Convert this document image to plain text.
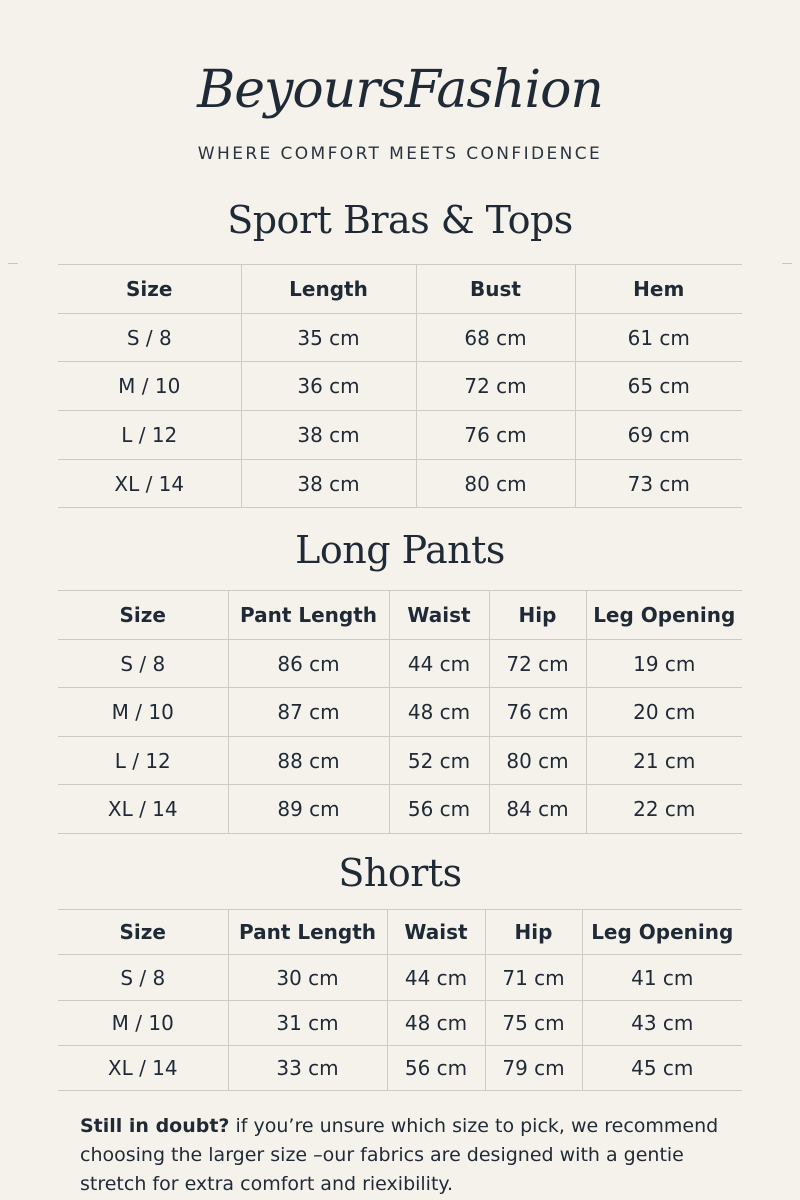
BeyoursFashion
WHERE COMFORT MEETS CONFIDENCE
Sport Bras & Tops
Size	Length	Bust	Hem
S / 8	35 cm	68 cm	61 cm
M / 10	36 cm	72 cm	65 cm
L / 12	38 cm	76 cm	69 cm
XL / 14	38 cm	80 cm	73 cm
Long Pants
Size	Pant Length	Waist	Hip	Leg Opening
S / 8	86 cm	44 cm	72 cm	19 cm
M / 10	87 cm	48 cm	76 cm	20 cm
L / 12	88 cm	52 cm	80 cm	21 cm
XL / 14	89 cm	56 cm	84 cm	22 cm
Shorts
Size	Pant Length	Waist	Hip	Leg Opening
S / 8	30 cm	44 cm	71 cm	41 cm
M / 10	31 cm	48 cm	75 cm	43 cm
XL / 14	33 cm	56 cm	79 cm	45 cm
Still in doubt? if you’re unsure which size to pick, we recommend choosing the larger size –our fabrics are designed with a gentie stretch for extra comfort and riexibility.
